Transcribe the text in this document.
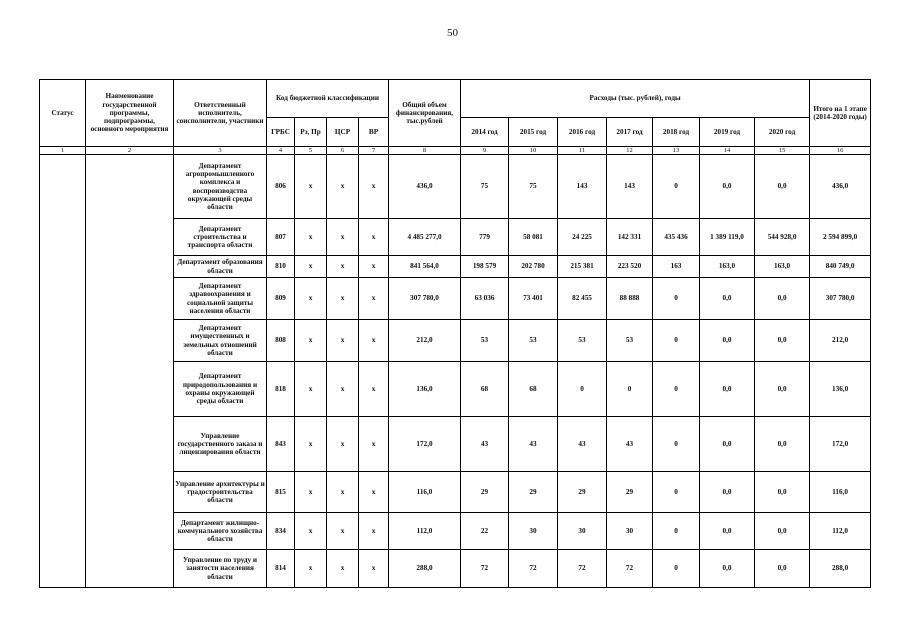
50
Статус	Наименование государственной программы, подпрограммы, основного мероприятия	Ответственный исполнитель, соисполнители, участники	Код бюджетной классификации				Общий объем финансирования, тыс.рублей	Расходы (тыс. рублей), годы							Итого на 1 этапе (2014-2020 годы)
			ГРБС	Рз, Пр	ЦСР	ВР		2014 год	2015 год	2016 год	2017 год	2018 год	2019 год	2020 год	
1	2	3	4	5	6	7	8	9	10	11	12	13	14	15	16
		Департамент агропромышленного комплекса и воспроизводства окружающей среды области	806	х	х	х	436,0	75	75	143	143	0	0,0	0,0	436,0
		Департамент строительства и транспорта области	807	х	х	х	4 485 277,0	779	58 081	24 225	142 331	435 436	1 389 119,0	544 928,0	2 594 899,0
		Департамент образования области	810	х	х	х	841 564,0	198 579	202 780	215 381	223 520	163	163,0	163,0	840 749,0
		Департамент здравоохранения и социальной защиты населения области	809	х	х	х	307 780,0	63 036	73 401	82 455	88 888	0	0,0	0,0	307 780,0
		Департамент имущественных и земельных отношений области	808	х	х	х	212,0	53	53	53	53	0	0,0	0,0	212,0
		Департамент природопользования и охраны окружающей среды области	818	х	х	х	136,0	68	68	0	0	0	0,0	0,0	136,0
		Управление государственного заказа и лицензирования области	843	х	х	х	172,0	43	43	43	43	0	0,0	0,0	172,0
		Управление архитектуры и градостроительства области	815	х	х	х	116,0	29	29	29	29	0	0,0	0,0	116,0
		Департамент жилищно-коммунального хозяйства области	834	х	х	х	112,0	22	30	30	30	0	0,0	0,0	112,0
		Управление по труду и занятости населения области	814	х	х	х	288,0	72	72	72	72	0	0,0	0,0	288,0
